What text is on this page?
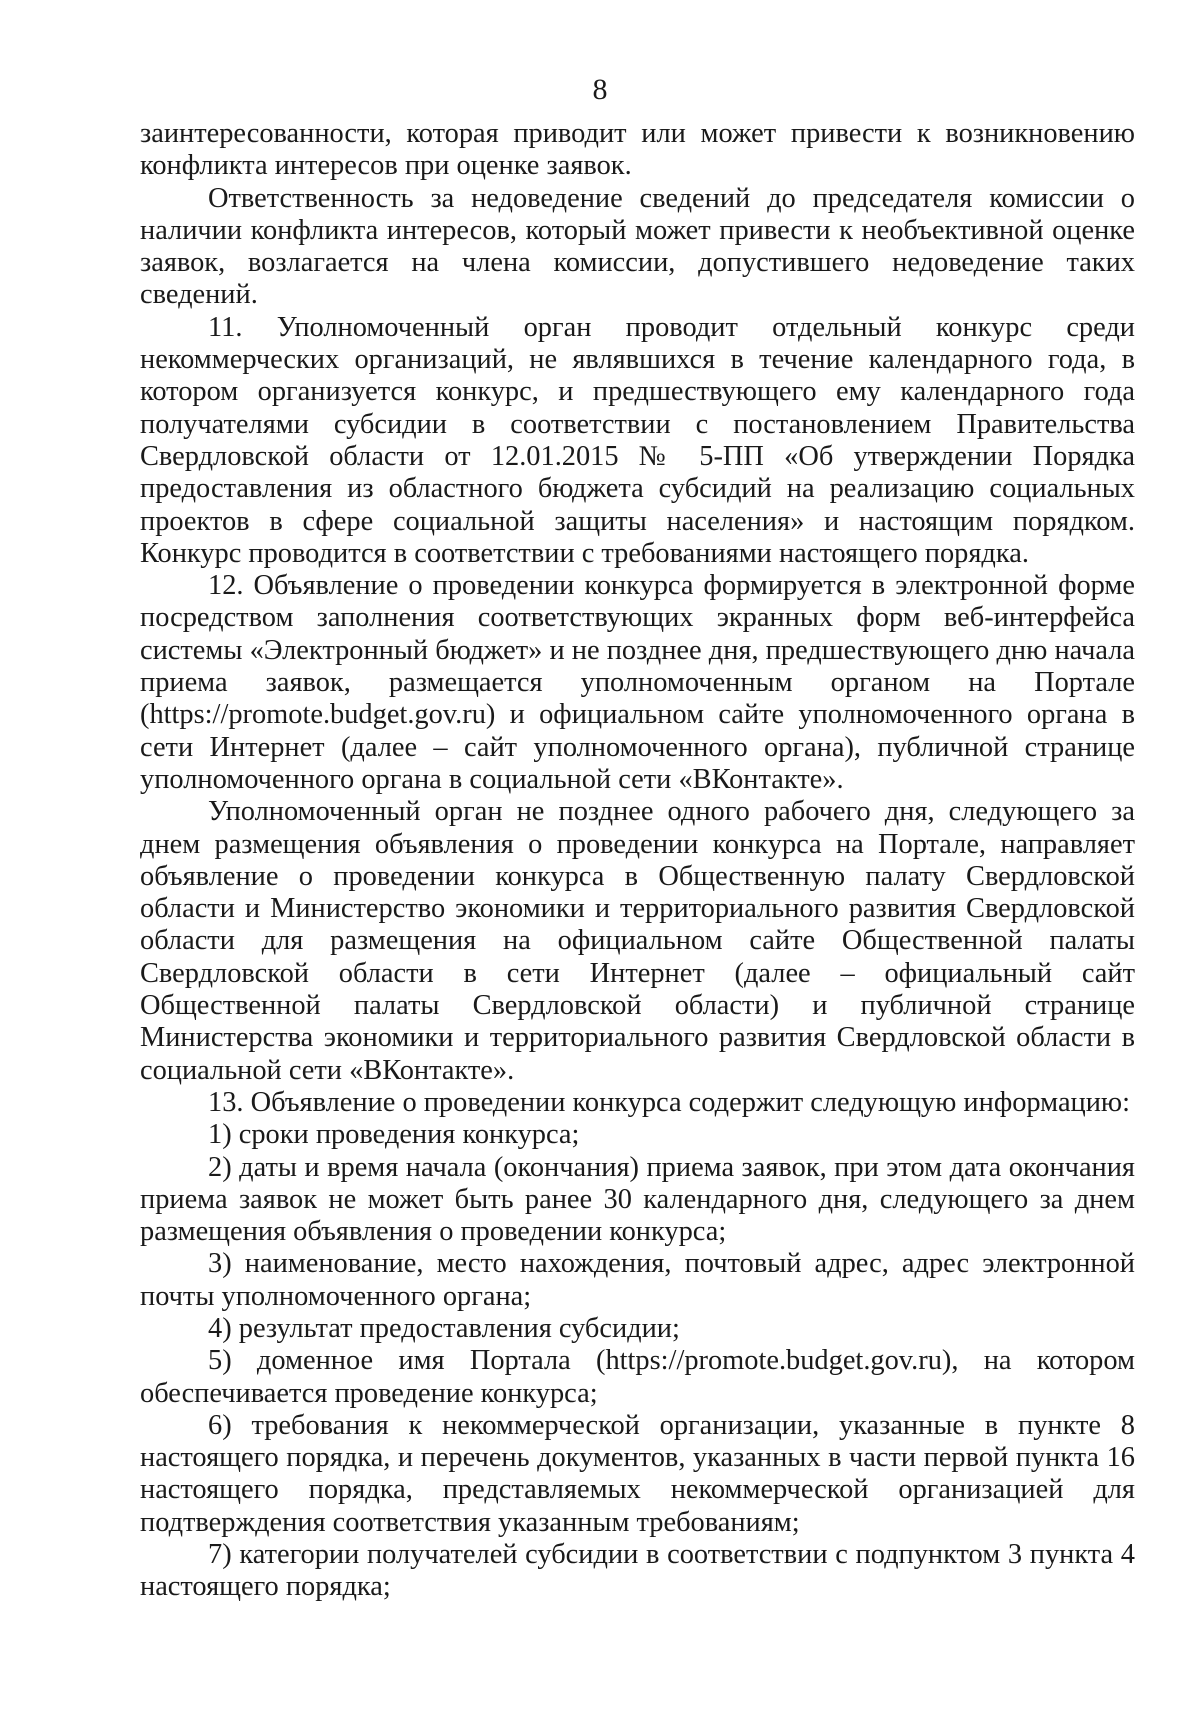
8

заинтересованности, которая приводит или может привести к возникновению конфликта интересов при оценке заявок.

Ответственность за недоведение сведений до председателя комиссии о наличии конфликта интересов, который может привести к необъективной оценке заявок, возлагается на члена комиссии, допустившего недоведение таких сведений.

11. Уполномоченный орган проводит отдельный конкурс среди некоммерческих организаций, не являвшихся в течение календарного года, в котором организуется конкурс, и предшествующего ему календарного года получателями субсидии в соответствии с постановлением Правительства Свердловской области от 12.01.2015 № 5-ПП «Об утверждении Порядка предоставления из областного бюджета субсидий на реализацию социальных проектов в сфере социальной защиты населения» и настоящим порядком. Конкурс проводится в соответствии с требованиями настоящего порядка.

12. Объявление о проведении конкурса формируется в электронной форме посредством заполнения соответствующих экранных форм веб-интерфейса системы «Электронный бюджет» и не позднее дня, предшествующего дню начала приема заявок, размещается уполномоченным органом на Портале (https://promote.budget.gov.ru) и официальном сайте уполномоченного органа в сети Интернет (далее – сайт уполномоченного органа), публичной странице уполномоченного органа в социальной сети «ВКонтакте».

Уполномоченный орган не позднее одного рабочего дня, следующего за днем размещения объявления о проведении конкурса на Портале, направляет объявление о проведении конкурса в Общественную палату Свердловской области и Министерство экономики и территориального развития Свердловской области для размещения на официальном сайте Общественной палаты Свердловской области в сети Интернет (далее – официальный сайт Общественной палаты Свердловской области) и публичной странице Министерства экономики и территориального развития Свердловской области в социальной сети «ВКонтакте».

13. Объявление о проведении конкурса содержит следующую информацию:

1) сроки проведения конкурса;

2) даты и время начала (окончания) приема заявок, при этом дата окончания приема заявок не может быть ранее 30 календарного дня, следующего за днем размещения объявления о проведении конкурса;

3) наименование, место нахождения, почтовый адрес, адрес электронной почты уполномоченного органа;

4) результат предоставления субсидии;

5) доменное имя Портала (https://promote.budget.gov.ru), на котором обеспечивается проведение конкурса;

6) требования к некоммерческой организации, указанные в пункте 8 настоящего порядка, и перечень документов, указанных в части первой пункта 16 настоящего порядка, представляемых некоммерческой организацией для подтверждения соответствия указанным требованиям;

7) категории получателей субсидии в соответствии с подпунктом 3 пункта 4 настоящего порядка;
